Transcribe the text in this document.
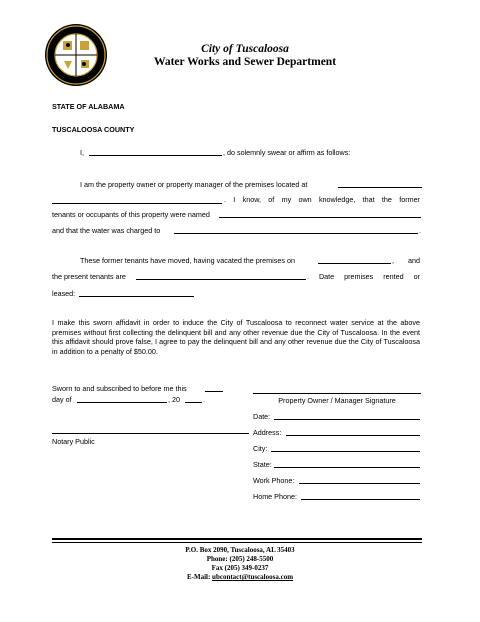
City of Tuscaloosa
Water Works and Sewer Department
STATE OF ALABAMA
TUSCALOOSA COUNTY
I,	, do solemnly swear or affirm as follows:
I am the property owner or property manager of the premises located at
. I know, of my own knowledge, that the former
tenants or occupants of this property were named
and that the water was charged to	.
These former tenants have moved, having vacated the premises on	, and
the present tenants are	. Date premises rented or
leased:
I make this sworn affidavit in order to induce the City of Tuscaloosa to reconnect water service at the above premises without first collecting the delinquent bill and any other revenue due the City of Tuscaloosa. In the event this affidavit should prove false, I agree to pay the delinquent bill and any other revenue due the City of Tuscaloosa in addition to a penalty of $50.00.
Sworn to and subscribed to before me this
day of	, 20	.
Notary Public
Property Owner / Manager Signature
Date:
Address:
City:
State:
Work Phone:
Home Phone:
P.O. Box 2090, Tuscaloosa, AL 35403
Phone: (205) 248-5500
Fax (205) 349-0237
E-Mail: ubcontact@tuscaloosa.com
